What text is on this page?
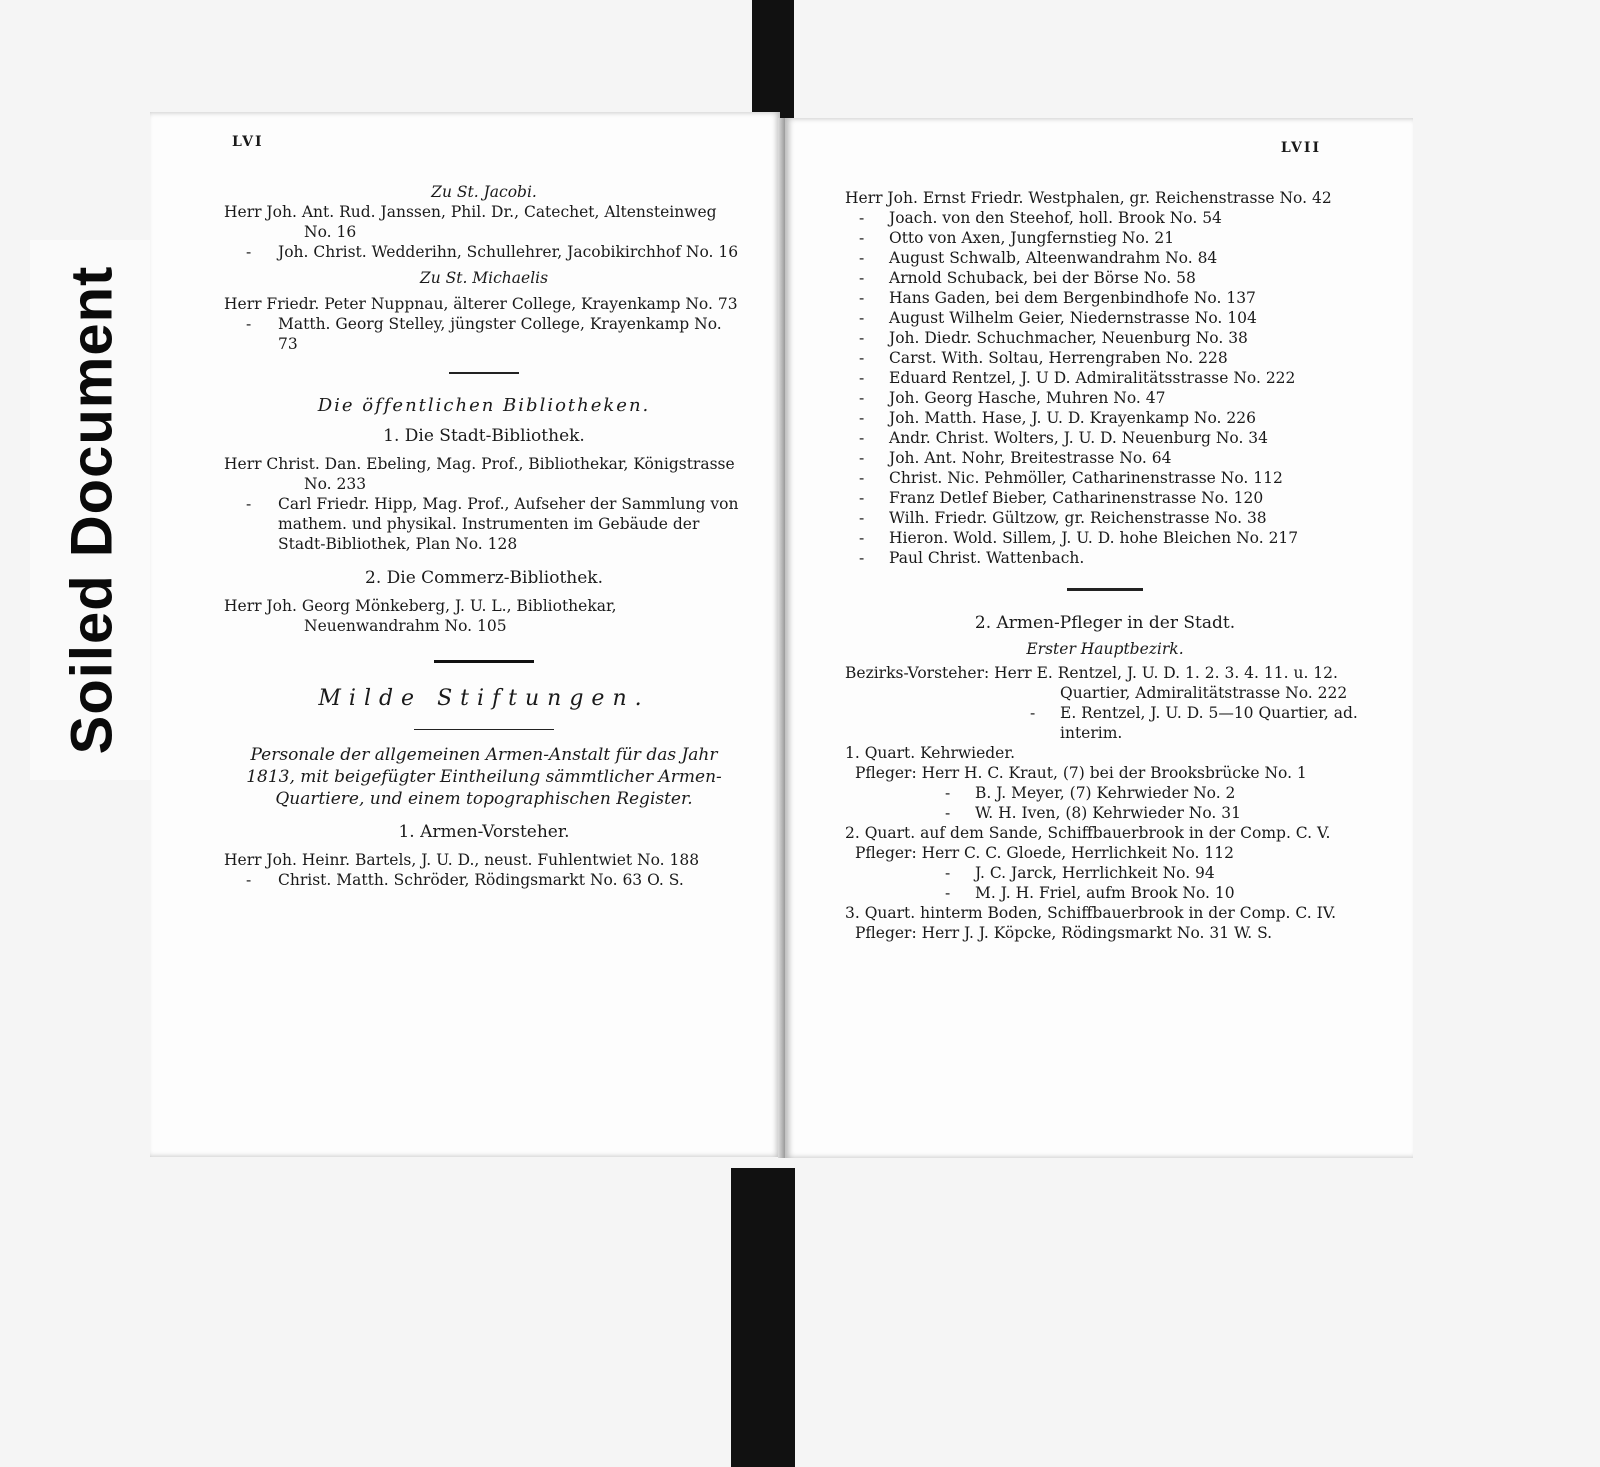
Soiled Document
LVI

Zu St. Jacobi.

Herr Joh. Ant. Rud. Janssen, Phil. Dr., Catechet, Altensteinweg No. 16

- Joh. Christ. Wedderihn, Schullehrer, Jacobikirchhof No. 16

Zu St. Michaelis

Herr Friedr. Peter Nuppnau, älterer College, Krayenkamp No. 73

- Matth. Georg Stelley, jüngster College, Krayenkamp No. 73

Die öffentlichen Bibliotheken.

1. Die Stadt-Bibliothek.

Herr Christ. Dan. Ebeling, Mag. Prof., Bibliothekar, Königstrasse No. 233

- Carl Friedr. Hipp, Mag. Prof., Aufseher der Sammlung von mathem. und physikal. Instrumenten im Gebäude der Stadt-Bibliothek, Plan No. 128

2. Die Commerz-Bibliothek.

Herr Joh. Georg Mönkeberg, J. U. L., Bibliothekar, Neuenwandrahm No. 105

Milde Stiftungen.

Personale der allgemeinen Armen-Anstalt für das Jahr 1813, mit beigefügter Eintheilung sämmtlicher Armen-Quartiere, und einem topographischen Register.

1. Armen-Vorsteher.

Herr Joh. Heinr. Bartels, J. U. D., neust. Fuhlentwiet No. 188

- Christ. Matth. Schröder, Rödingsmarkt No. 63 O. S.

LVII

Herr Joh. Ernst Friedr. Westphalen, gr. Reichenstrasse No. 42

- Joach. von den Steehof, holl. Brook No. 54

- Otto von Axen, Jungfernstieg No. 21

- August Schwalb, Alteenwandrahm No. 84

- Arnold Schuback, bei der Börse No. 58

- Hans Gaden, bei dem Bergenbindhofe No. 137

- August Wilhelm Geier, Niedernstrasse No. 104

- Joh. Diedr. Schuchmacher, Neuenburg No. 38

- Carst. With. Soltau, Herrengraben No. 228

- Eduard Rentzel, J. U D. Admiralitätsstrasse No. 222

- Joh. Georg Hasche, Muhren No. 47

- Joh. Matth. Hase, J. U. D. Krayenkamp No. 226

- Andr. Christ. Wolters, J. U. D. Neuenburg No. 34

- Joh. Ant. Nohr, Breitestrasse No. 64

- Christ. Nic. Pehmöller, Catharinenstrasse No. 112

- Franz Detlef Bieber, Catharinenstrasse No. 120

- Wilh. Friedr. Gültzow, gr. Reichenstrasse No. 38

- Hieron. Wold. Sillem, J. U. D. hohe Bleichen No. 217

- Paul Christ. Wattenbach.

2. Armen-Pfleger in der Stadt.

Erster Hauptbezirk.

Bezirks-Vorsteher: Herr E. Rentzel, J. U. D. 1. 2. 3. 4. 11. u. 12. Quartier, Admiralitätstrasse No. 222

- E. Rentzel, J. U. D. 5—10 Quartier, ad. interim.

1. Quart. Kehrwieder.

Pfleger: Herr H. C. Kraut, (7) bei der Brooksbrücke No. 1

- B. J. Meyer, (7) Kehrwieder No. 2

- W. H. Iven, (8) Kehrwieder No. 31

2. Quart. auf dem Sande, Schiffbauerbrook in der Comp. C. V.

Pfleger: Herr C. C. Gloede, Herrlichkeit No. 112

- J. C. Jarck, Herrlichkeit No. 94

- M. J. H. Friel, aufm Brook No. 10

3. Quart. hinterm Boden, Schiffbauerbrook in der Comp. C. IV.

Pfleger: Herr J. J. Köpcke, Rödingsmarkt No. 31 W. S.
